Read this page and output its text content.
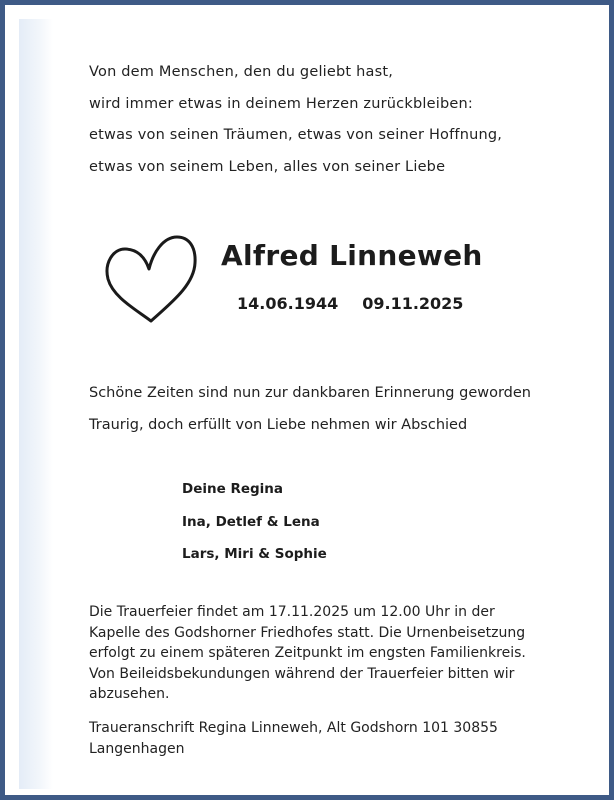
Von dem Menschen, den du geliebt hast,
wird immer etwas in deinem Herzen zurückbleiben:
etwas von seinen Träumen, etwas von seiner Hoffnung,
etwas von seinem Leben, alles von seiner Liebe
Alfred Linneweh
14.06.1944 09.11.2025
Schöne Zeiten sind nun zur dankbaren Erinnerung geworden
Traurig, doch erfüllt von Liebe nehmen wir Abschied
Deine Regina
Ina, Detlef & Lena
Lars, Miri & Sophie
Die Trauerfeier findet am 17.11.2025 um 12.00 Uhr in der
Kapelle des Godshorner Friedhofes statt. Die Urnenbeisetzung
erfolgt zu einem späteren Zeitpunkt im engsten Familienkreis.
Von Beileidsbekundungen während der Trauerfeier bitten wir
abzusehen.
Traueranschrift Regina Linneweh, Alt Godshorn 101 30855
Langenhagen
